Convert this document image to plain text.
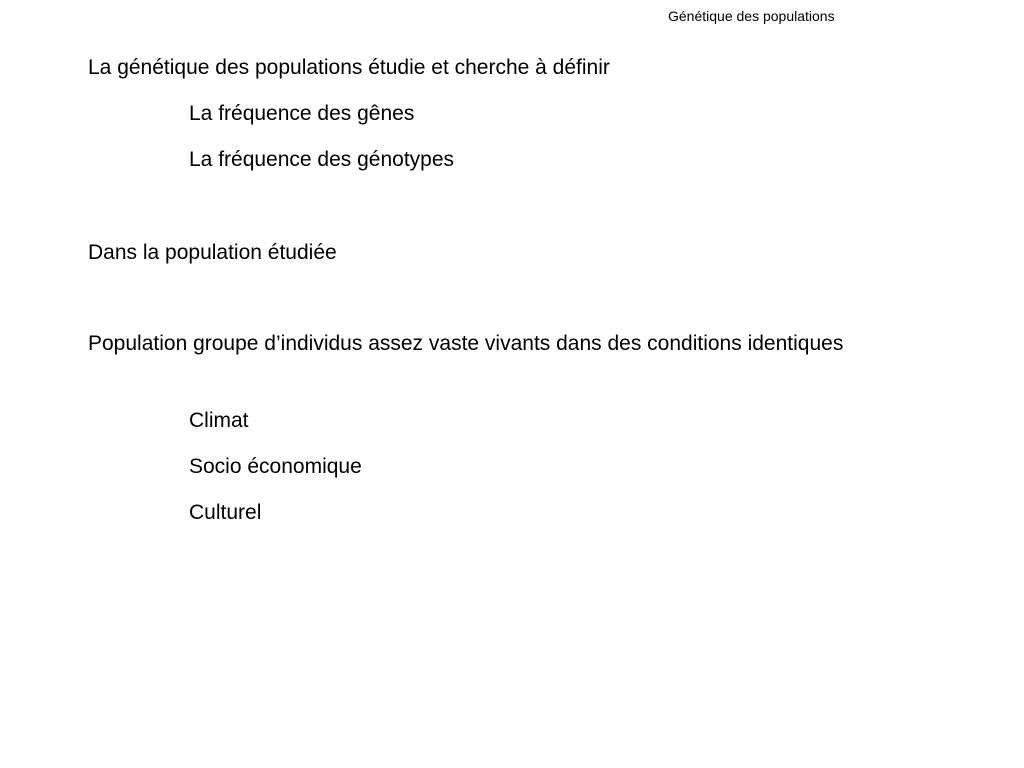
Génétique des populations
La génétique des populations étudie et cherche à définir
La fréquence des gênes
La fréquence des génotypes
Dans la population étudiée
Population groupe d’individus assez vaste vivants dans des conditions identiques
Climat
Socio économique
Culturel
